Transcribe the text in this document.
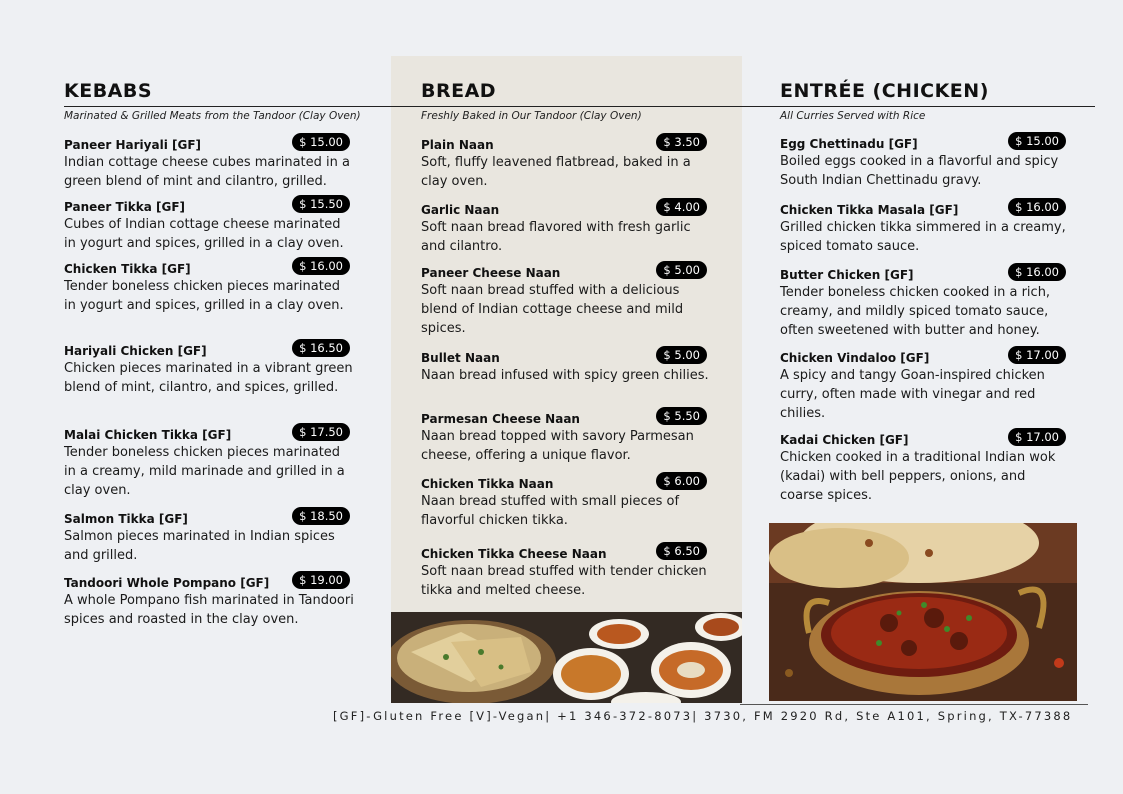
KEBABS
Marinated & Grilled Meats from the Tandoor (Clay Oven)
Paneer Hariyali [GF]	$ 15.00
Indian cottage cheese cubes marinated in a green blend of mint and cilantro, grilled.
Paneer Tikka [GF]	$ 15.50
Cubes of Indian cottage cheese marinated in yogurt and spices, grilled in a clay oven.
Chicken Tikka [GF]	$ 16.00
Tender boneless chicken pieces marinated in yogurt and spices, grilled in a clay oven.
Hariyali Chicken [GF]	$ 16.50
Chicken pieces marinated in a vibrant green blend of mint, cilantro, and spices, grilled.
Malai Chicken Tikka [GF]	$ 17.50
Tender boneless chicken pieces marinated in a creamy, mild marinade and grilled in a clay oven.
Salmon Tikka [GF]	$ 18.50
Salmon pieces marinated in Indian spices and grilled.
Tandoori Whole Pompano [GF]	$ 19.00
A whole Pompano fish marinated in Tandoori spices and roasted in the clay oven.
BREAD
Freshly Baked in Our Tandoor (Clay Oven)
Plain Naan	$ 3.50
Soft, fluffy leavened flatbread, baked in a clay oven.
Garlic Naan	$ 4.00
Soft naan bread flavored with fresh garlic and cilantro.
Paneer Cheese Naan	$ 5.00
Soft naan bread stuffed with a delicious blend of Indian cottage cheese and mild spices.
Bullet Naan	$ 5.00
Naan bread infused with spicy green chilies.
Parmesan Cheese Naan	$ 5.50
Naan bread topped with savory Parmesan cheese, offering a unique flavor.
Chicken Tikka Naan	$ 6.00
Naan bread stuffed with small pieces of flavorful chicken tikka.
Chicken Tikka Cheese Naan	$ 6.50
Soft naan bread stuffed with tender chicken tikka and melted cheese.
ENTRÉE (CHICKEN)
All Curries Served with Rice
Egg Chettinadu [GF]	$ 15.00
Boiled eggs cooked in a flavorful and spicy South Indian Chettinadu gravy.
Chicken Tikka Masala [GF]	$ 16.00
Grilled chicken tikka simmered in a creamy, spiced tomato sauce.
Butter Chicken [GF]	$ 16.00
Tender boneless chicken cooked in a rich, creamy, and mildly spiced tomato sauce, often sweetened with butter and honey.
Chicken Vindaloo [GF]	$ 17.00
A spicy and tangy Goan-inspired chicken curry, often made with vinegar and red chilies.
Kadai Chicken [GF]	$ 17.00
Chicken cooked in a traditional Indian wok (kadai) with bell peppers, onions, and coarse spices.
[GF]-Gluten Free [V]-Vegan| +1 346-372-8073| 3730, FM 2920 Rd, Ste A101, Spring, TX-77388
